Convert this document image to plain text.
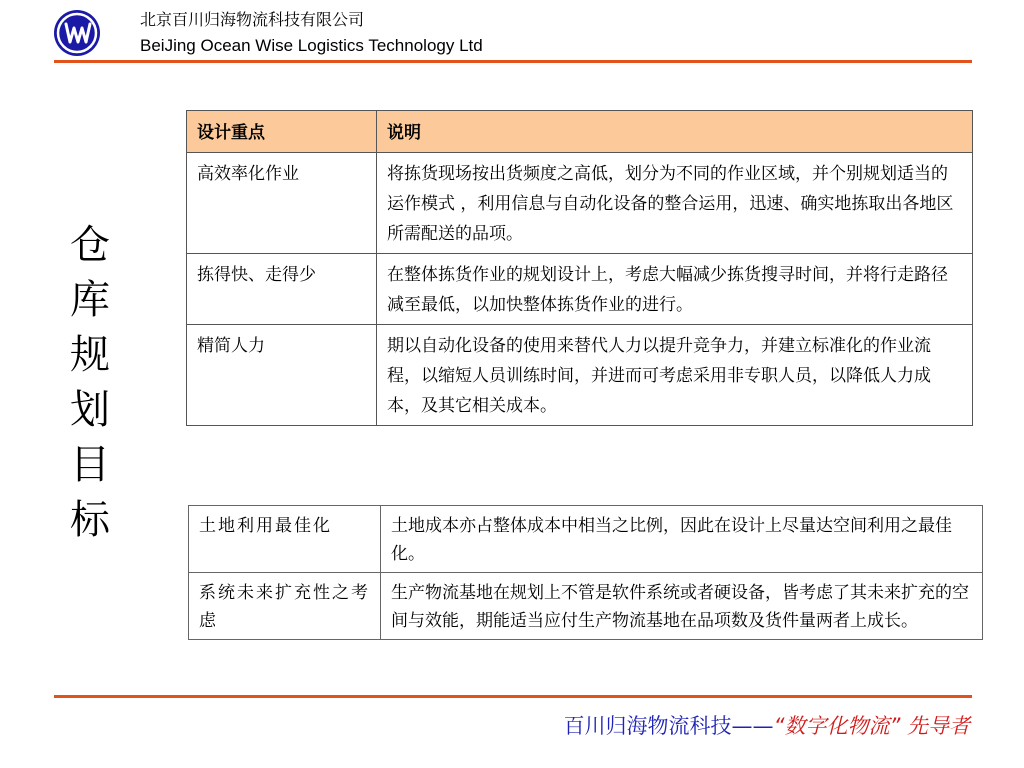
北京百川归海物流科技有限公司
BeiJing Ocean Wise Logistics Technology Ltd
仓库规划目标
设计重点	说明
高效率化作业	将拣货现场按出货频度之高低，划分为不同的作业区域，并个别规划适当的运作模式 ，利用信息与自动化设备的整合运用，迅速、确实地拣取出各地区所需配送的品项。
拣得快、走得少	在整体拣货作业的规划设计上，考虑大幅减少拣货搜寻时间，并将行走路径减至最低，以加快整体拣货作业的进行。
精简人力	期以自动化设备的使用来替代人力以提升竞争力，并建立标准化的作业流程，以缩短人员训练时间，并进而可考虑采用非专职人员，以降低人力成本，及其它相关成本。
土地利用最佳化	土地成本亦占整体成本中相当之比例，因此在设计上尽量达空间利用之最佳化。
系统未来扩充性之考虑	生产物流基地在规划上不管是软件系统或者硬设备，皆考虑了其未来扩充的空间与效能，期能适当应付生产物流基地在品项数及货件量两者上成长。
百川归海物流科技——“数字化物流” 先导者
